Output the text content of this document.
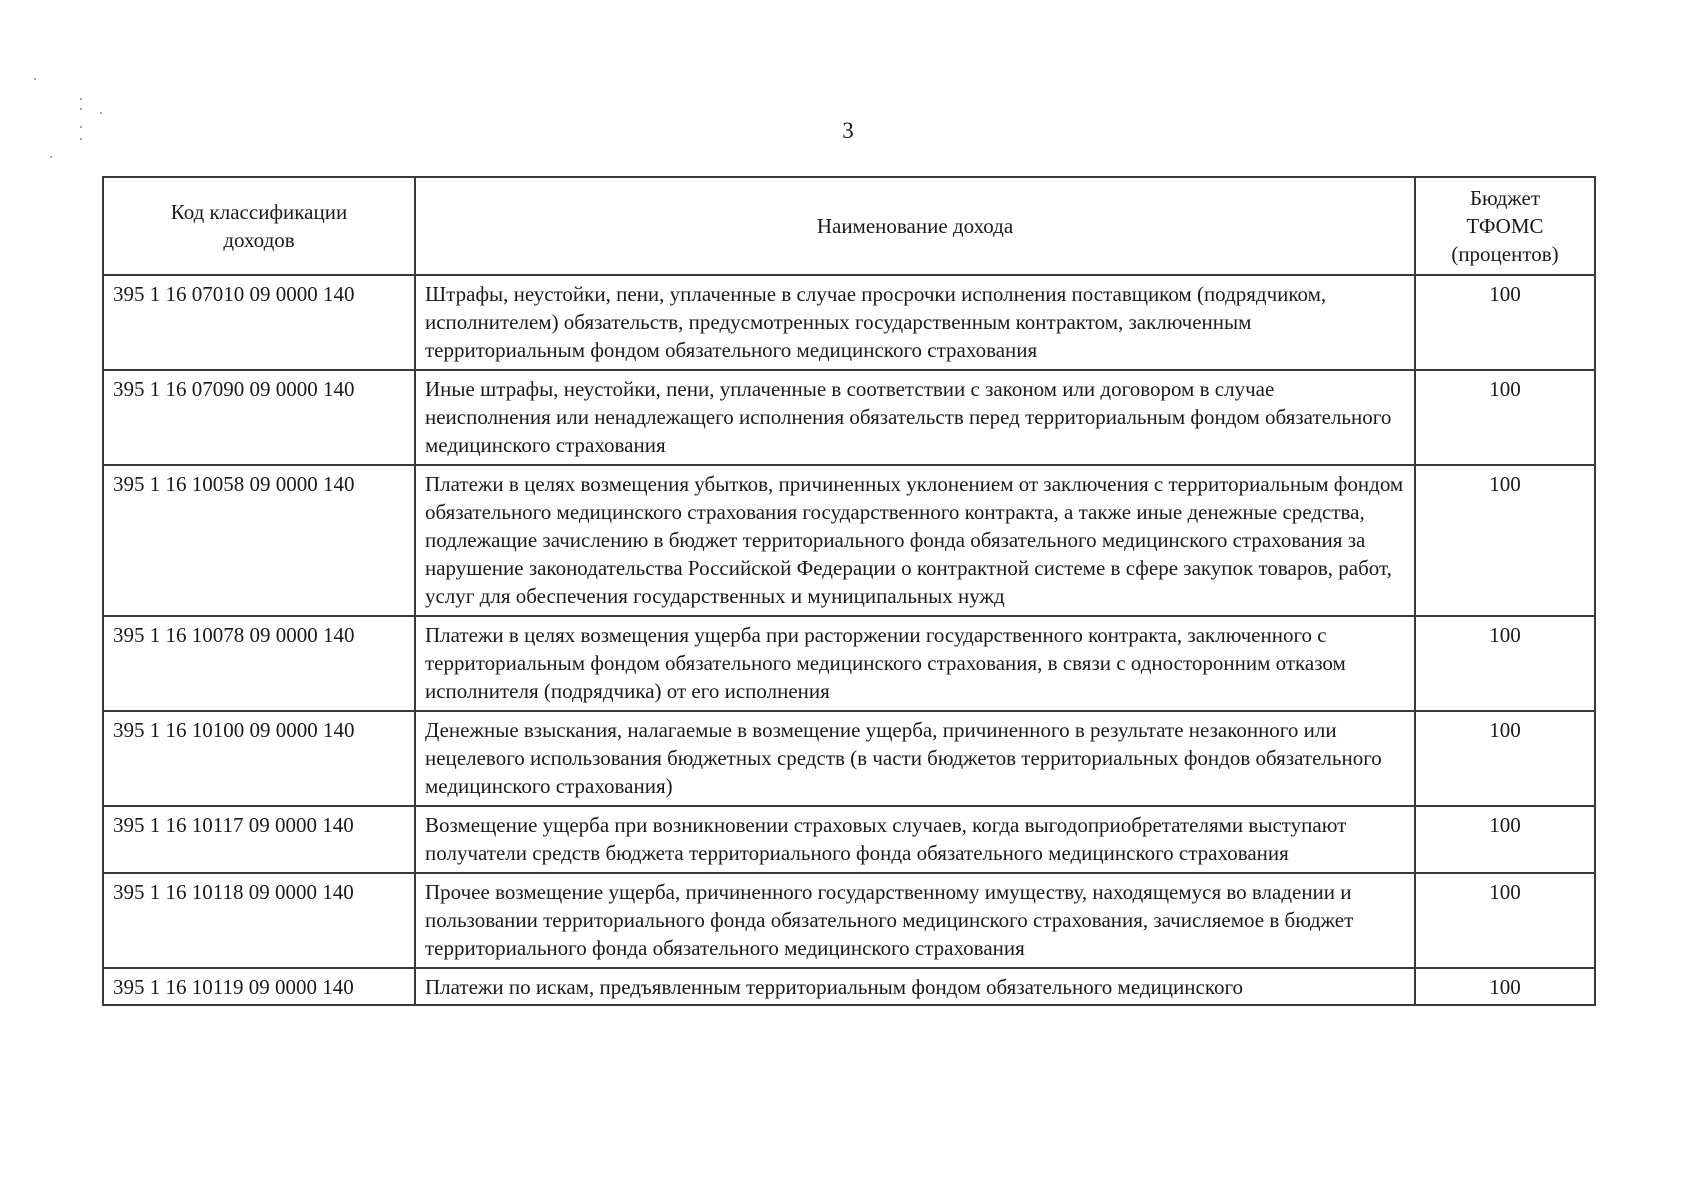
3
Код классификации доходов	Наименование дохода	Бюджет ТФОМС (процентов)
395 1 16 07010 09 0000 140	Штрафы, неустойки, пени, уплаченные в случае просрочки исполнения поставщиком (подрядчиком, исполнителем) обязательств, предусмотренных государственным контрактом, заключенным территориальным фондом обязательного медицинского страхования	100
395 1 16 07090 09 0000 140	Иные штрафы, неустойки, пени, уплаченные в соответствии с законом или договором в случае неисполнения или ненадлежащего исполнения обязательств перед территориальным фондом обязательного медицинского страхования	100
395 1 16 10058 09 0000 140	Платежи в целях возмещения убытков, причиненных уклонением от заключения с территориальным фондом обязательного медицинского страхования государственного контракта, а также иные денежные средства, подлежащие зачислению в бюджет территориального фонда обязательного медицинского страхования за нарушение законодательства Российской Федерации о контрактной системе в сфере закупок товаров, работ, услуг для обеспечения государственных и муниципальных нужд	100
395 1 16 10078 09 0000 140	Платежи в целях возмещения ущерба при расторжении государственного контракта, заключенного с территориальным фондом обязательного медицинского страхования, в связи с односторонним отказом исполнителя (подрядчика) от его исполнения	100
395 1 16 10100 09 0000 140	Денежные взыскания, налагаемые в возмещение ущерба, причиненного в результате незаконного или нецелевого использования бюджетных средств (в части бюджетов территориальных фондов обязательного медицинского страхования)	100
395 1 16 10117 09 0000 140	Возмещение ущерба при возникновении страховых случаев, когда выгодоприобретателями выступают получатели средств бюджета территориального фонда обязательного медицинского страхования	100
395 1 16 10118 09 0000 140	Прочее возмещение ущерба, причиненного государственному имуществу, находящемуся во владении и пользовании территориального фонда обязательного медицинского страхования, зачисляемое в бюджет территориального фонда обязательного медицинского страхования	100
395 1 16 10119 09 0000 140	Платежи по искам, предъявленным территориальным фондом обязательного медицинского	100
